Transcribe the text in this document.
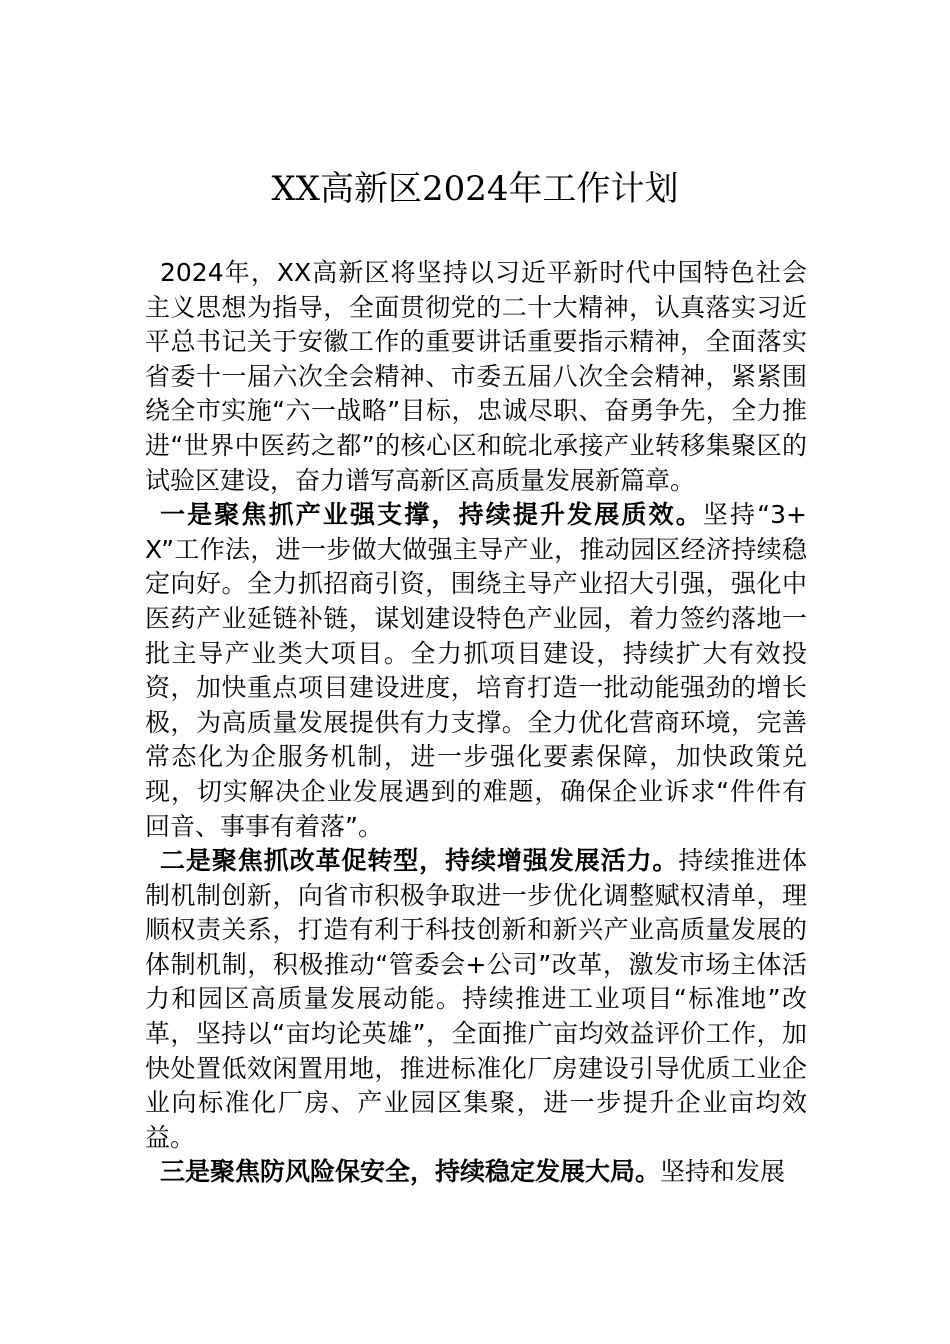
XX高新区2024年工作计划

2024年，XX高新区将坚持以习近平新时代中国特色社会主义思想为指导，全面贯彻党的二十大精神，认真落实习近平总书记关于安徽工作的重要讲话重要指示精神，全面落实省委十一届六次全会精神、市委五届八次全会精神，紧紧围绕全市实施“六一战略”目标，忠诚尽职、奋勇争先，全力推进“世界中医药之都”的核心区和皖北承接产业转移集聚区的试验区建设，奋力谱写高新区高质量发展新篇章。

一是聚焦抓产业强支撑，持续提升发展质效。坚持“3+X”工作法，进一步做大做强主导产业，推动园区经济持续稳定向好。全力抓招商引资，围绕主导产业招大引强，强化中医药产业延链补链，谋划建设特色产业园，着力签约落地一批主导产业类大项目。全力抓项目建设，持续扩大有效投资，加快重点项目建设进度，培育打造一批动能强劲的增长极，为高质量发展提供有力支撑。全力优化营商环境，完善常态化为企服务机制，进一步强化要素保障，加快政策兑现，切实解决企业发展遇到的难题，确保企业诉求“件件有回音、事事有着落”。

二是聚焦抓改革促转型，持续增强发展活力。持续推进体制机制创新，向省市积极争取进一步优化调整赋权清单，理顺权责关系，打造有利于科技创新和新兴产业高质量发展的体制机制，积极推动“管委会+公司”改革，激发市场主体活力和园区高质量发展动能。持续推进工业项目“标准地”改革，坚持以“亩均论英雄”，全面推广亩均效益评价工作，加快处置低效闲置用地，推进标准化厂房建设引导优质工业企业向标准化厂房、产业园区集聚，进一步提升企业亩均效益。

三是聚焦防风险保安全，持续稳定发展大局。坚持和发展
